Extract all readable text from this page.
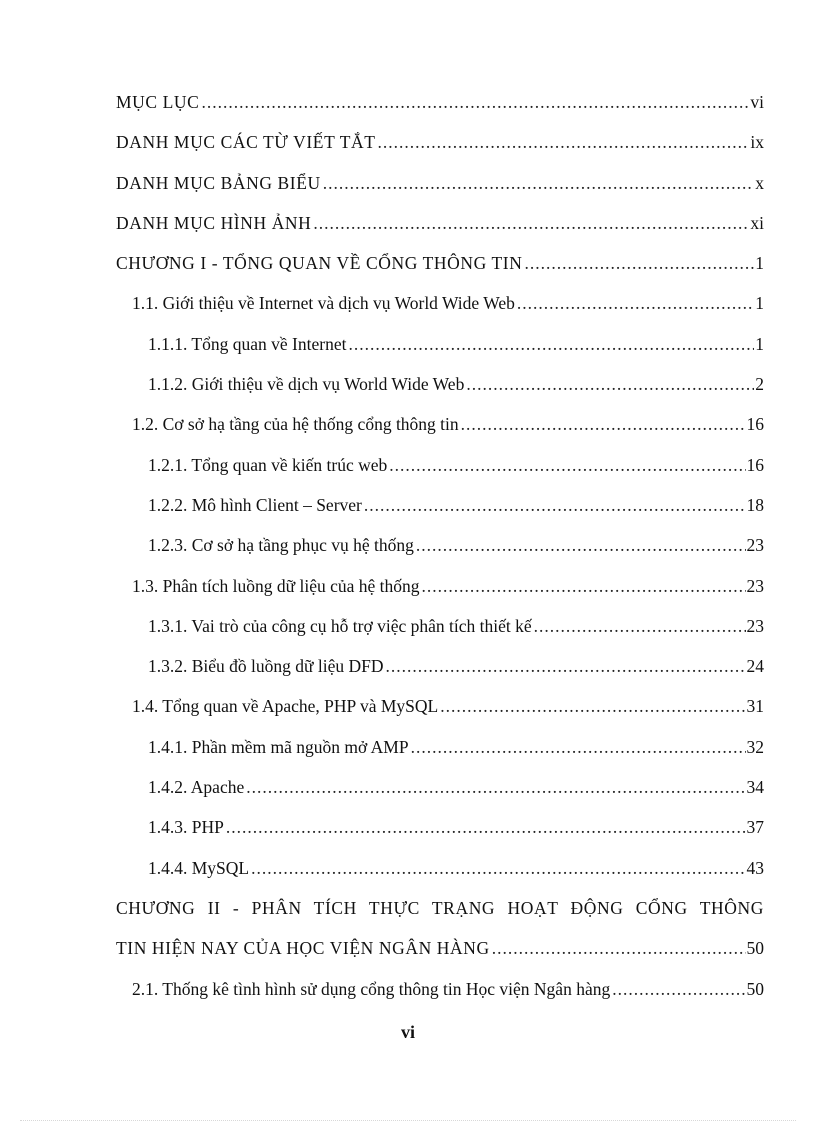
MỤC LỤC .....	vi
DANH MỤC CÁC TỪ VIẾT TẮT .....	ix
DANH MỤC BẢNG BIỂU .....	x
DANH MỤC HÌNH ẢNH .....	xi
CHƯƠNG I - TỔNG QUAN VỀ CỔNG THÔNG TIN .....	1
1.1. Giới thiệu về Internet và dịch vụ World Wide Web .....	1
1.1.1. Tổng quan về Internet .....	1
1.1.2. Giới thiệu về dịch vụ World Wide Web .....	2
1.2. Cơ sở hạ tầng của hệ thống cổng thông tin .....	16
1.2.1. Tổng quan về kiến trúc web .....	16
1.2.2. Mô hình Client – Server .....	18
1.2.3. Cơ sở hạ tầng phục vụ hệ thống .....	23
1.3. Phân tích luồng dữ liệu của hệ thống .....	23
1.3.1. Vai trò của công cụ hỗ trợ việc phân tích thiết kế .....	23
1.3.2. Biểu đồ luồng dữ liệu DFD .....	24
1.4. Tổng quan về Apache, PHP và MySQL .....	31
1.4.1. Phần mềm mã nguồn mở AMP .....	32
1.4.2. Apache .....	34
1.4.3. PHP .....	37
1.4.4. MySQL .....	43
CHƯƠNG II - PHÂN TÍCH THỰC TRẠNG HOẠT ĐỘNG CỔNG THÔNG
TIN HIỆN NAY CỦA HỌC VIỆN NGÂN HÀNG .....	50
2.1. Thống kê tình hình sử dụng cổng thông tin Học viện Ngân hàng .....	50
vi
